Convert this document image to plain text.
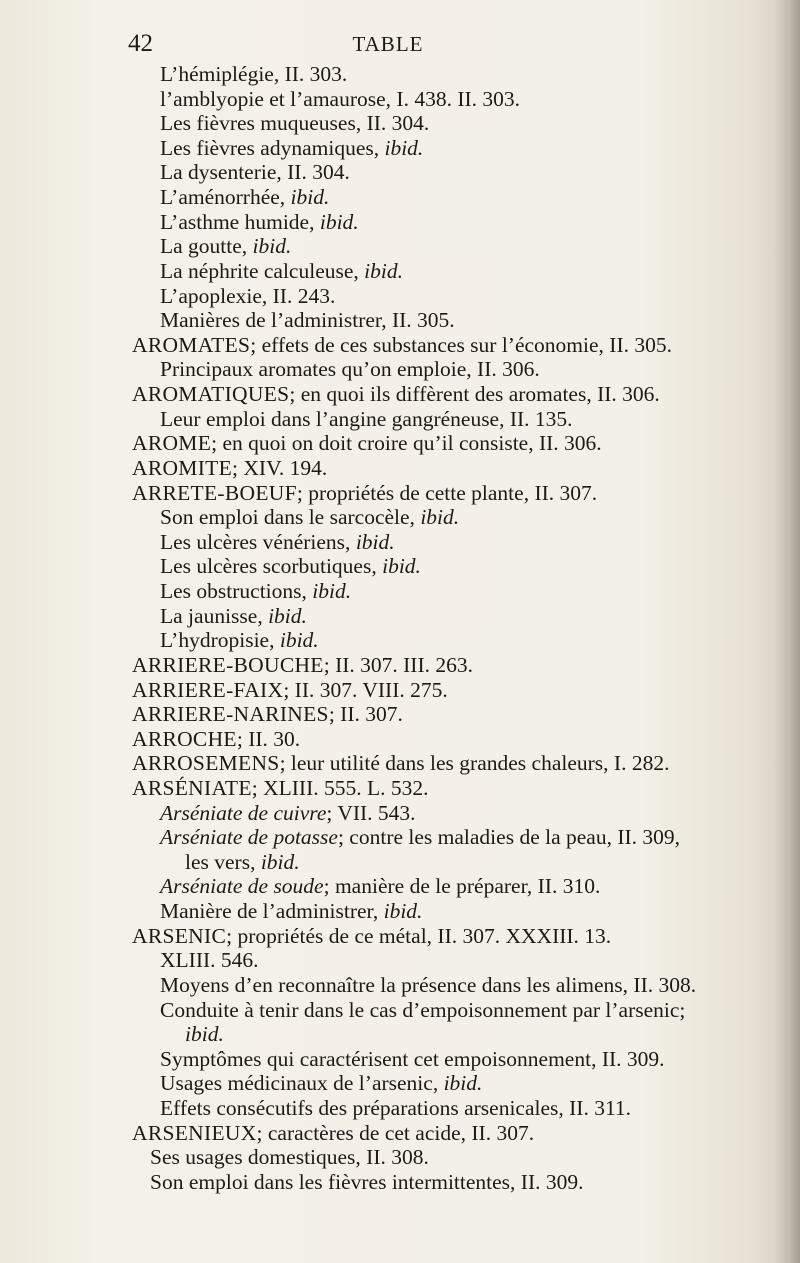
42	TABLE
L’hémiplégie, II. 303.
l’amblyopie et l’amaurose, I. 438. II. 303.
Les fièvres muqueuses, II. 304.
Les fièvres adynamiques, ibid.
La dysenterie, II. 304.
L’aménorrhée, ibid.
L’asthme humide, ibid.
La goutte, ibid.
La néphrite calculeuse, ibid.
L’apoplexie, II. 243.
Manières de l’administrer, II. 305.
AROMATES; effets de ces substances sur l’économie, II. 305.
Principaux aromates qu’on emploie, II. 306.
AROMATIQUES; en quoi ils diffèrent des aromates, II. 306.
Leur emploi dans l’angine gangréneuse, II. 135.
AROME; en quoi on doit croire qu’il consiste, II. 306.
AROMITE; XIV. 194.
ARRETE-BOEUF; propriétés de cette plante, II. 307.
Son emploi dans le sarcocèle, ibid.
Les ulcères vénériens, ibid.
Les ulcères scorbutiques, ibid.
Les obstructions, ibid.
La jaunisse, ibid.
L’hydropisie, ibid.
ARRIERE-BOUCHE; II. 307. III. 263.
ARRIERE-FAIX; II. 307. VIII. 275.
ARRIERE-NARINES; II. 307.
ARROCHE; II. 30.
ARROSEMENS; leur utilité dans les grandes chaleurs, I. 282.
ARSÉNIATE; XLIII. 555. L. 532.
Arséniate de cuivre; VII. 543.
Arséniate de potasse; contre les maladies de la peau, II. 309,
les vers, ibid.
Arséniate de soude; manière de le préparer, II. 310.
Manière de l’administrer, ibid.
ARSENIC; propriétés de ce métal, II. 307. XXXIII. 13.
XLIII. 546.
Moyens d’en reconnaître la présence dans les alimens, II. 308.
Conduite à tenir dans le cas d’empoisonnement par l’arsenic;
ibid.
Symptômes qui caractérisent cet empoisonnement, II. 309.
Usages médicinaux de l’arsenic, ibid.
Effets consécutifs des préparations arsenicales, II. 311.
ARSENIEUX; caractères de cet acide, II. 307.
Ses usages domestiques, II. 308.
Son emploi dans les fièvres intermittentes, II. 309.
